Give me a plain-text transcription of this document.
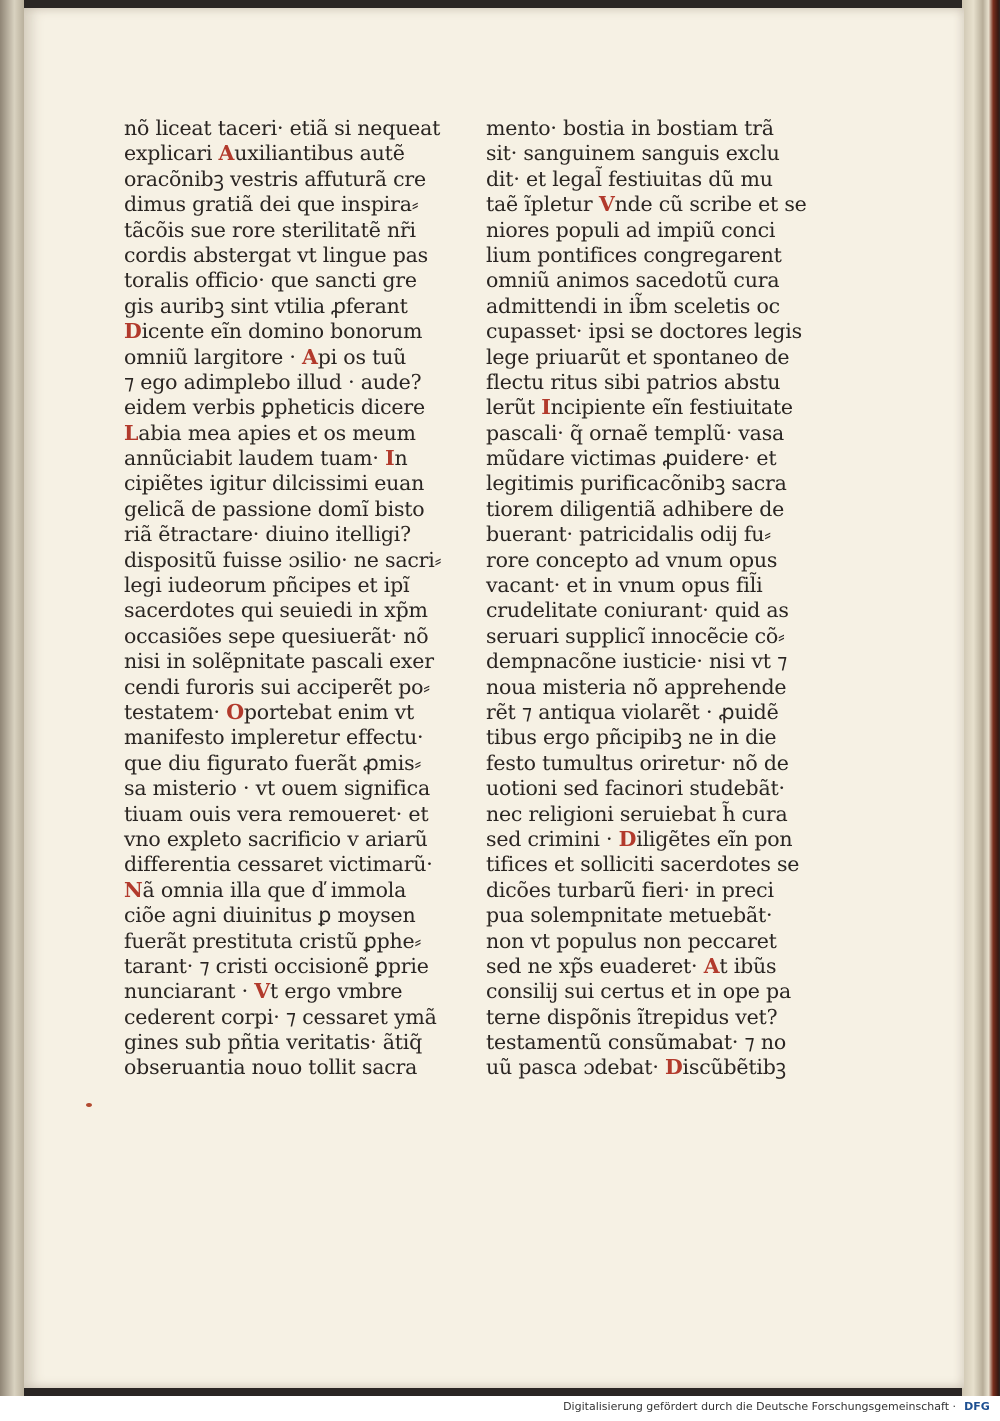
nõ liceat taceri· etiã si nequeat
explicari Auxiliantibus autẽ
oracõnibꝫ vestris affuturã cre
dimus gratiã dei que inspira⸗
tãcõis sue rore sterilitatẽ nr̃i
cordis abstergat vt lingue pas
toralis officio· que sancti gre
gis auribꝫ sint vtilia ꝓferant
Dicente eĩn domino bonorum
omniũ largitore · Api os tuũ
⁊ ego adimplebo illud · aude?
eidem verbis ꝑpheticis dicere
Labia mea apies et os meum
annũciabit laudem tuam· In
cipiẽtes igitur dilcissimi euan
gelicã de passione domĩ bisto
riã ẽtractare· diuino itelligi?
dispositũ fuisse ɔsilio· ne sacri⸗
legi iudeorum pñcipes et ipĩ
sacerdotes qui seuiedi in xp̃m
occasiões sepe quesiuerãt· nõ
nisi in solẽpnitate pascali exer
cendi furoris sui acciperẽt po⸗
testatem· Oportebat enim vt
manifesto impleretur effectu·
que diu figurato fuerãt ꝓmis⸗
sa misterio · vt ouem significa
tiuam ouis vera remoueret· et
vno expleto sacrificio v ariarũ
differentia cessaret victimarũ·
Nã omnia illa que ď immola
ciõe agni diuinitus ꝑ moysen
fuerãt prestituta cristũ ꝑphe⸗
tarant· ⁊ cristi occisionẽ ꝑprie
nunciarant · Vt ergo vmbre
cederent corpi· ⁊ cessaret ymã
gines sub pñtia veritatis· ãtiq̃
obseruantia nouo tollit sacra
mento· bostia in bostiam trã
sit· sanguinem sanguis exclu
dit· et legal̃ festiuitas dũ mu
taẽ ĩpletur Vnde cũ scribe et se
niores populi ad impiũ conci
lium pontifices congregarent
omniũ animos sacedotũ cura
admittendi in ib̃m sceletis oc
cupasset· ipsi se doctores legis
lege priuarũt et spontaneo de
flectu ritus sibi patrios abstu
lerũt Incipiente eĩn festiuitate
pascali· q̃ ornaẽ templũ· vasa
mũdare victimas ꝓuidere· et
legitimis purificacõnibꝫ sacra
tiorem diligentiã adhibere de
buerant· patricidalis odij fu⸗
rore concepto ad vnum opus
vacant· et in vnum opus fil̃i
crudelitate coniurant· quid as
seruari supplicĩ innocẽcie cõ⸗
dempnacõne iusticie· nisi vt ⁊
noua misteria nõ apprehende
rẽt ⁊ antiqua violarẽt · ꝓuidẽ
tibus ergo pñcipibꝫ ne in die
festo tumultus oriretur· nõ de
uotioni sed facinori studebãt·
nec religioni seruiebat h̃ cura
sed crimini · Diligẽtes eĩn pon
tifices et solliciti sacerdotes se
dicões turbarũ fieri· in preci
pua solempnitate metuebãt·
non vt populus non peccaret
sed ne xp̃s euaderet· At ibũs
consilij sui certus et in ope pa
terne dispõnis ĩtrepidus vet?
testamentũ consũmabat· ⁊ no
uũ pasca ɔdebat· Discũbẽtibꝫ
Digitalisierung gefördert durch die Deutsche Forschungsgemeinschaft · DFG
